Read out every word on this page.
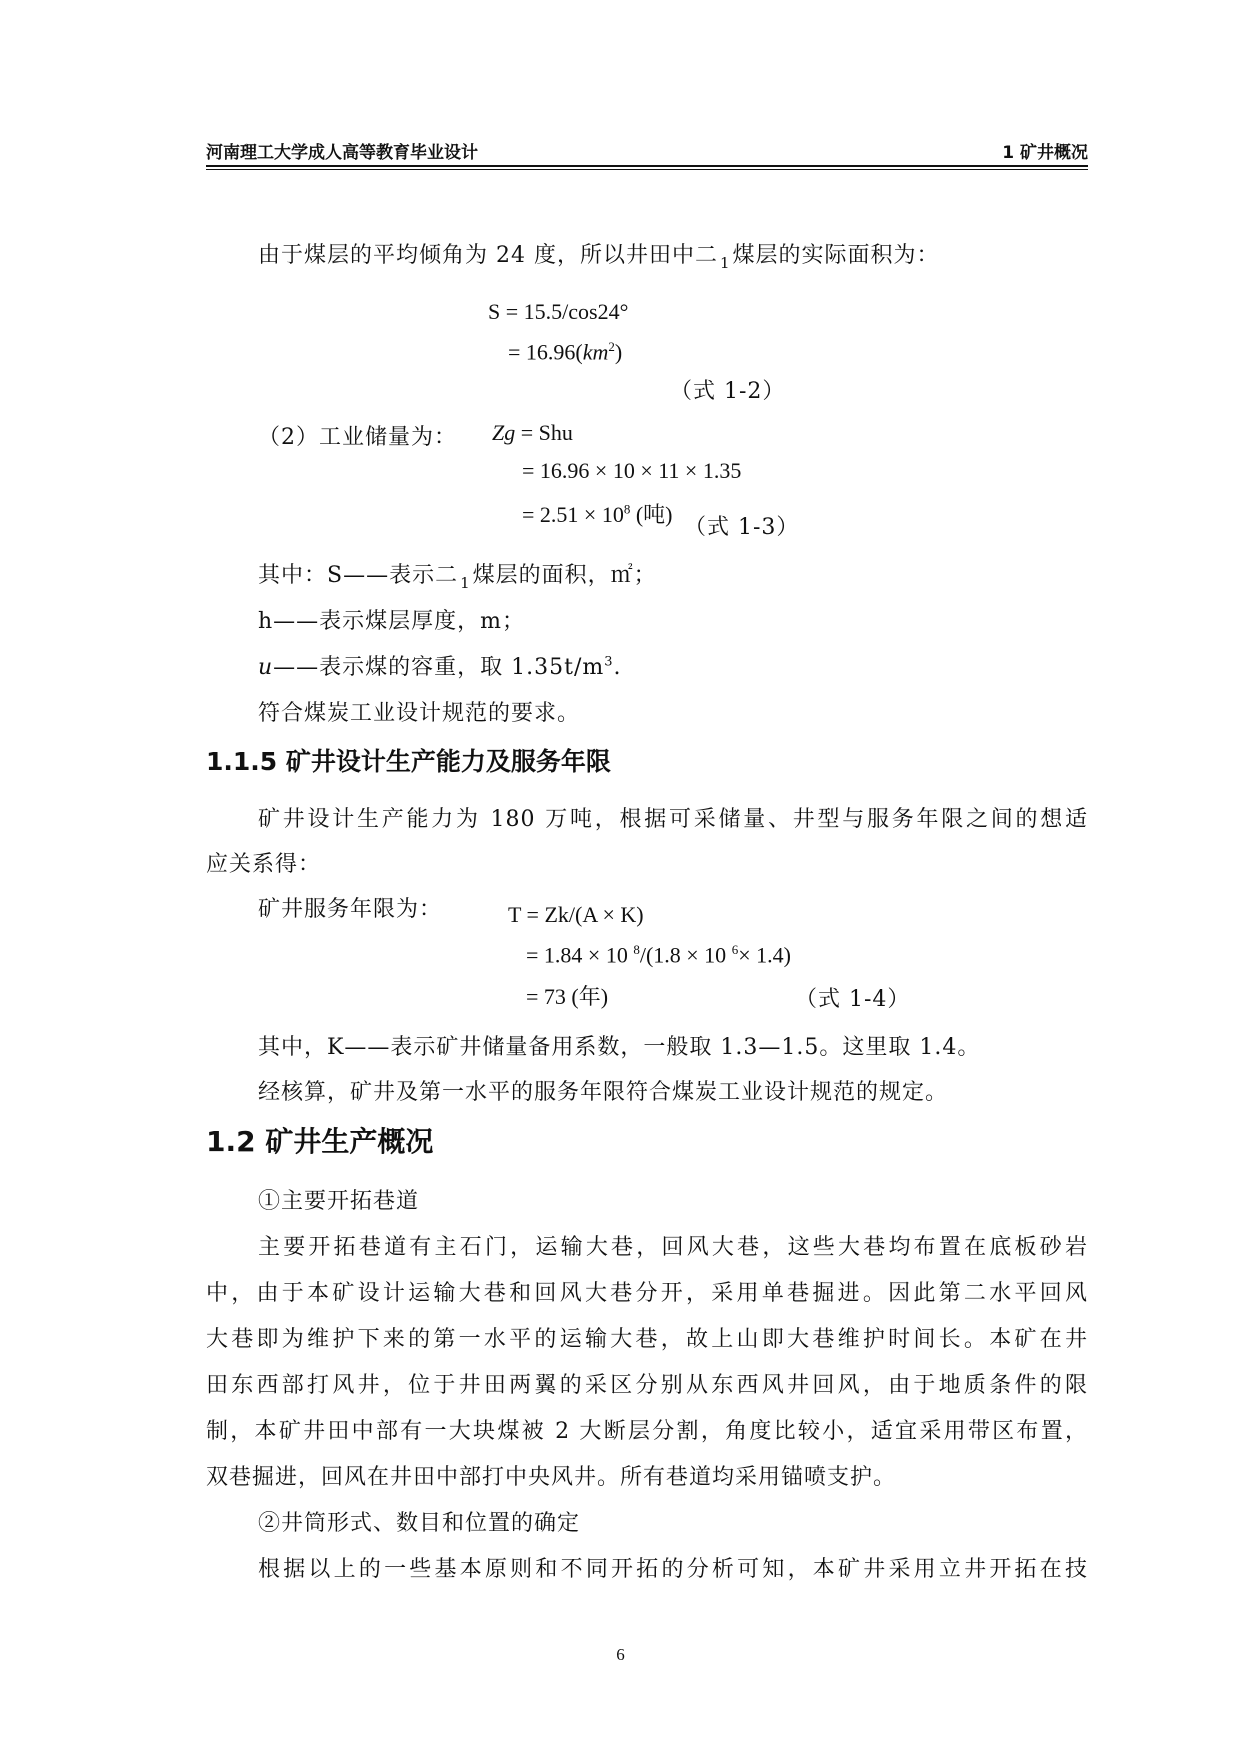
河南理工大学成人高等教育毕业设计	1 矿井概况
由于煤层的平均倾角为 24 度，所以井田中二 $_1$煤层的实际面积为：
S = 15.5/cos24°
= $16.96(km^2)$
（式 1-2）
（2）工业储量为： Zg = Shu
= 16.96 × 10 × 11 × 1.35
= $2.51 \times 10^8$ (吨)
（式 1-3）
其中：S——表示二 $_1$煤层的面积，㎡；
h——表示煤层厚度，m；
u——表示煤的容重，取 $1.35t/m^3$.
符合煤炭工业设计规范的要求。
1.1.5 矿井设计生产能力及服务年限
矿井设计生产能力为 180 万吨，根据可采储量、井型与服务年限之间的想适
应关系得：
矿井服务年限为：	T = Zk/(A × K)
= 1.84 × 10 $^8$/(1.8 × 10 $^6$× 1.4)
= 73 (年)	（式 1-4）
其中，K——表示矿井储量备用系数，一般取 1.3—1.5。这里取 1.4。
经核算，矿井及第一水平的服务年限符合煤炭工业设计规范的规定。
1.2 矿井生产概况
①主要开拓巷道
主要开拓巷道有主石门，运输大巷，回风大巷，这些大巷均布置在底板砂岩
中，由于本矿设计运输大巷和回风大巷分开，采用单巷掘进。因此第二水平回风
大巷即为维护下来的第一水平的运输大巷，故上山即大巷维护时间长。本矿在井
田东西部打风井，位于井田两翼的采区分别从东西风井回风，由于地质条件的限
制，本矿井田中部有一大块煤被 2 大断层分割，角度比较小，适宜采用带区布置，
双巷掘进，回风在井田中部打中央风井。所有巷道均采用锚喷支护。
②井筒形式、数目和位置的确定
根据以上的一些基本原则和不同开拓的分析可知，本矿井采用立井开拓在技
6
